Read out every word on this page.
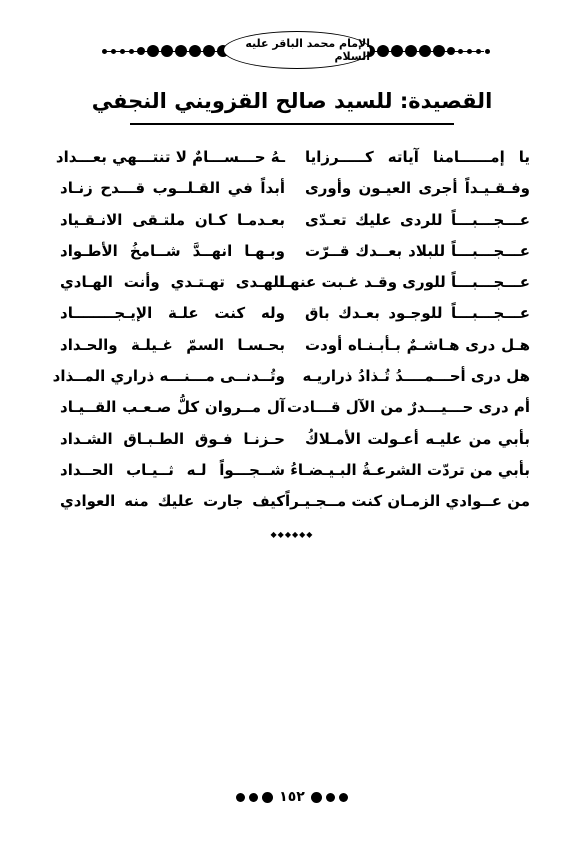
الإمام محمد الباقر عليه السلام
القصيدة: للسيد صالح القزويني النجفي
يا إمــــــامنا آياته كـــــرزايا
ـهُ حـــســـامٌ لا تنتـــهي بعـــداد
وفـقـيـداً أجرى العيـون وأورى
أبداً في القـلــوب قـــدح زنـاد
عـــجـــبـــاً للردى عليك تعـدّى
بعـدمـا كـان ملتـقى الانـقـياد
عـــجـــبـــاً للبلاد بعــدك قــرّت
وبـهـا انهــدَّ شــامخُ الأطـواد
عـــجـــبـــاً للورى وقـد غـبت عنهـا
للهـدى تهـتـدي وأنت الهـادي
عـــجـــبـــاً للوجـود بعـدك باق
وله كنت علـة الإيـجــــــــاد
هـل درى هـاشـمٌ بـأبـنـاه أودت
بحـسـا السمّ غـيلـة والحـداد
هل درى أحـــمــــدُ تُـذادُ ذراريـه
وتُــدنــى مـــنـــه ذراري المــذاد
أم درى حـــيـــدرٌ من الآل قـــادت
آل مــروان كلُّ صـعـب القــيـاد
بأبي من عليـه أعـولت الأمـلاكُ
حـزنـا فـوق الطـبـاق الشـداد
بأبي من تردّت الشرعـةُ البـيـضـاءُ
شــجـــواً لـه ثــيـاب الحــداد
من عــوادي الزمـان كنت مــجـيـراً
كيف جارت عليك منه العوادي
◆◆◆◆◆◆
١٥٢
